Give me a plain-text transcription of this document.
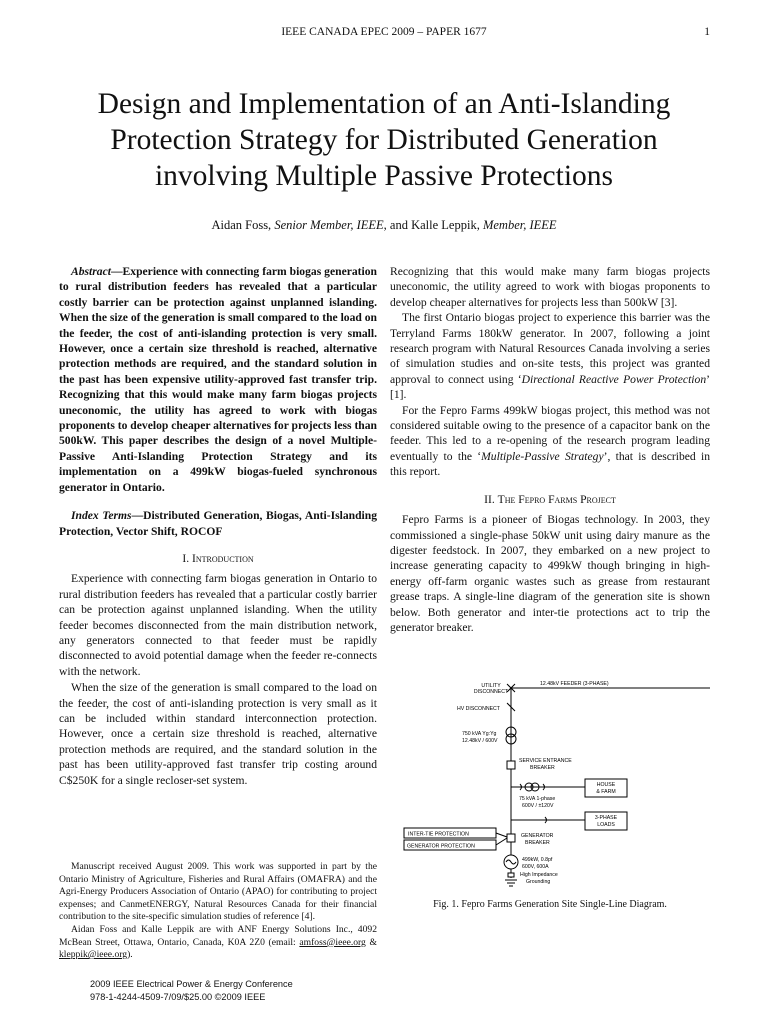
IEEE CANADA EPEC 2009 – PAPER 1677	1
Design and Implementation of an Anti-Islanding
Protection Strategy for Distributed Generation
involving Multiple Passive Protections
Aidan Foss, Senior Member, IEEE, and Kalle Leppik, Member, IEEE

Abstract—Experience with connecting farm biogas generation to rural distribution feeders has revealed that a particular costly barrier can be protection against unplanned islanding. When the size of the generation is small compared to the load on the feeder, the cost of anti-islanding protection is very small. However, once a certain size threshold is reached, alternative protection methods are required, and the standard solution in the past has been expensive utility-approved fast transfer trip. Recognizing that this would make many farm biogas projects uneconomic, the utility has agreed to work with biogas proponents to develop cheaper alternatives for projects less than 500kW. This paper describes the design of a novel Multiple-Passive Anti-Islanding Protection Strategy and its implementation on a 499kW biogas-fueled synchronous generator in Ontario.

Index Terms—Distributed Generation, Biogas, Anti-Islanding Protection, Vector Shift, ROCOF

I. Introduction

Experience with connecting farm biogas generation in Ontario to rural distribution feeders has revealed that a particular costly barrier can be protection against unplanned islanding. When the utility feeder becomes disconnected from the main distribution network, any generators connected to that feeder must be rapidly disconnected to avoid potential damage when the feeder re-connects with the network.

When the size of the generation is small compared to the load on the feeder, the cost of anti-islanding protection is very small as it can be included within standard interconnection protection. However, once a certain size threshold is reached, alternative protection methods are required, and the standard solution in the past has been utility-approved fast transfer trip costing around C$250K for a single recloser-set system.

Manuscript received August 2009. This work was supported in part by the Ontario Ministry of Agriculture, Fisheries and Rural Affairs (OMAFRA) and the Agri-Energy Producers Association of Ontario (APAO) for contributing to project expenses; and CanmetENERGY, Natural Resources Canada for their financial contribution to the site-specific simulation studies of reference [4].

Aidan Foss and Kalle Leppik are with ANF Energy Solutions Inc., 4092 McBean Street, Ottawa, Ontario, Canada, K0A 2Z0 (email: amfoss@ieee.org & kleppik@ieee.org).

2009 IEEE Electrical Power & Energy Conference
978-1-4244-4509-7/09/$25.00 ©2009 IEEE

Recognizing that this would make many farm biogas projects uneconomic, the utility agreed to work with biogas proponents to develop cheaper alternatives for projects less than 500kW [3].

The first Ontario biogas project to experience this barrier was the Terryland Farms 180kW generator. In 2007, following a joint research program with Natural Resources Canada involving a series of simulation studies and on-site tests, this project was granted approval to connect using ‘Directional Reactive Power Protection’ [1].

For the Fepro Farms 499kW biogas project, this method was not considered suitable owing to the presence of a capacitor bank on the feeder. This led to a re-opening of the research program leading eventually to the ‘Multiple-Passive Strategy’, that is described in this report.

II. The Fepro Farms Project

Fepro Farms is a pioneer of Biogas technology. In 2003, they commissioned a single-phase 50kW unit using dairy manure as the digester feedstock. In 2007, they embarked on a new project to increase generating capacity to 499kW though bringing in high-energy off-farm organic wastes such as grease from restaurant grease traps. A single-line diagram of the generation site is shown below. Both generator and inter-tie protections act to trip the generator breaker.

UTILITY
DISCONNECT
12.48kV FEEDER (3-PHASE)
HV DISCONNECT
750 kVA Yg:Yg
12.48kV / 600V
SERVICE ENTRANCE
BREAKER
HOUSE
& FARM
75 kVA 1-phase
600V / ±120V
3-PHASE
LOADS
INTER-TIE PROTECTION
GENERATOR PROTECTION
GENERATOR
BREAKER
499kW, 0.8pf
600V, 600A
High Impedance
Grounding
Fig. 1. Fepro Farms Generation Site Single-Line Diagram.
